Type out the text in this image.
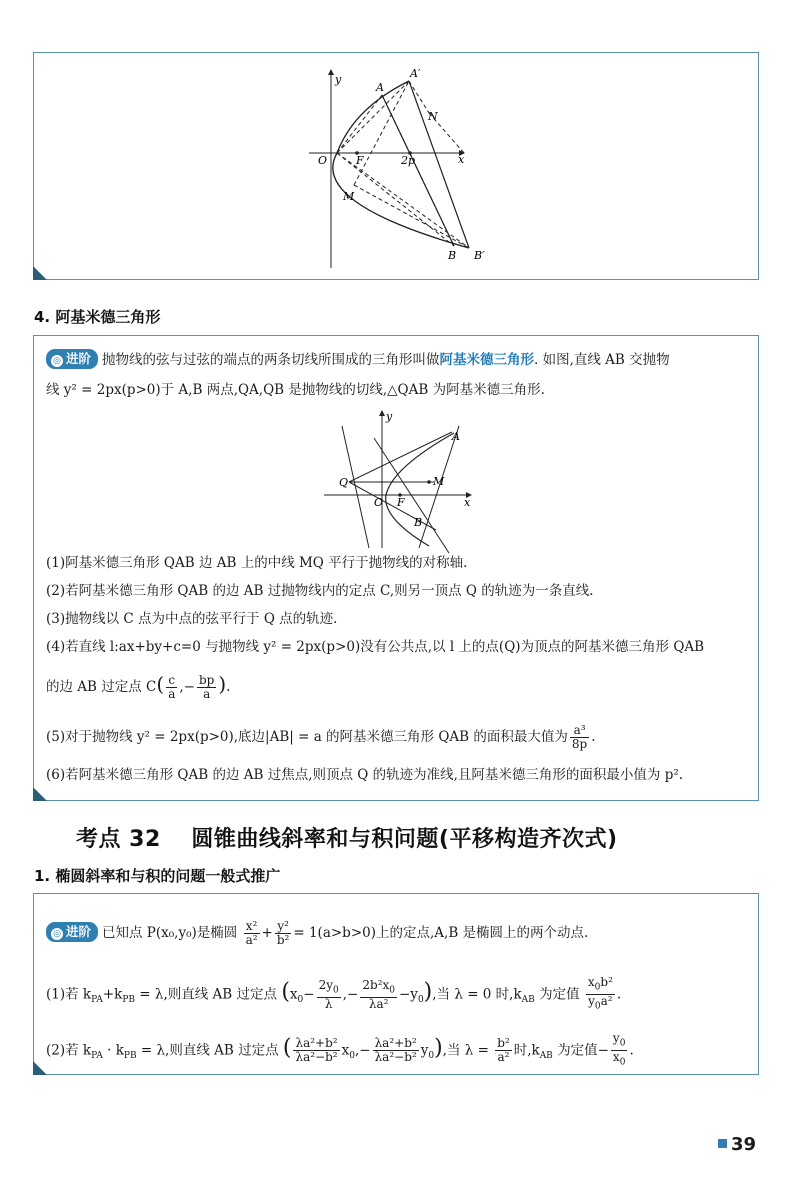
y
O	F	2p	x
A
A′
N
M
B B′
4. 阿基米德三角形
◎ 进阶 抛物线的弦与过弦的端点的两条切线所围成的三角形叫做阿基米德三角形. 如图,直线 AB 交抛物
线 y² = 2px(p>0)于 A,B 两点,QA,QB 是抛物线的切线,△QAB 为阿基米德三角形.
y
Q
A
M
O F	x
B
(1)阿基米德三角形 QAB 边 AB 上的中线 MQ 平行于抛物线的对称轴.
(2)若阿基米德三角形 QAB 的边 AB 过抛物线内的定点 C,则另一顶点 Q 的轨迹为一条直线.
(3)抛物线以 C 点为中点的弦平行于 Q 点的轨迹.
(4)若直线 l:ax+by+c=0 与抛物线 y² = 2px(p>0)没有公共点,以 l 上的点(Q)为顶点的阿基米德三角形 QAB
的边 AB 过定点 $C( \frac{c}{a}$ ,− $\frac{bp}{a}$ ).
(5)对于抛物线 y² = 2px(p>0),底边|AB| = a 的阿基米德三角形 QAB 的面积最大值为 $\frac{\text{a³}}{8p}$ .
(6)若阿基米德三角形 QAB 的边 AB 过焦点,则顶点 Q 的轨迹为准线,且阿基米德三角形的面积最小值为 p².
考点 32　 圆锥曲线斜率和与积问题(平移构造齐次式)
1. 椭圆斜率和与积的问题一般式推广
◎ 进阶 已知点 P(x₀,y₀)是椭圆 $\frac{\text{x²}}{\text{a²}} + \frac{\text{y²}}{\text{b²}} = 1(a>b>0)$上的定点,A,B 是椭圆上的两个动点.
(1)若 $k_{PA}+k_{PB} = \lambda$,则直线 AB 过定点 ($x_0- \frac{2y_0}{\lambda}$ ,− $\frac{2b^2x_0}{\text{λa²}} -y_0$),当 λ = 0 时$,k_{AB}$ 为定值 $\frac{x_0b^2}{y_0a^2}$ .
(2)若 $k_{PA} \cdot k_{PB} = \lambda$,则直线 AB 过定点 ( $\frac{\text{λa²+b²}}{\text{λa²−b²}} x_0,- \frac{\text{λa²+b²}}{\text{λa²−b²}} y_0$),当 $\lambda = \frac{\text{b²}}{\text{a²}}$ 时$,k_{AB}$ 为定值− $\frac{y_0}{x_0}$ .
39
